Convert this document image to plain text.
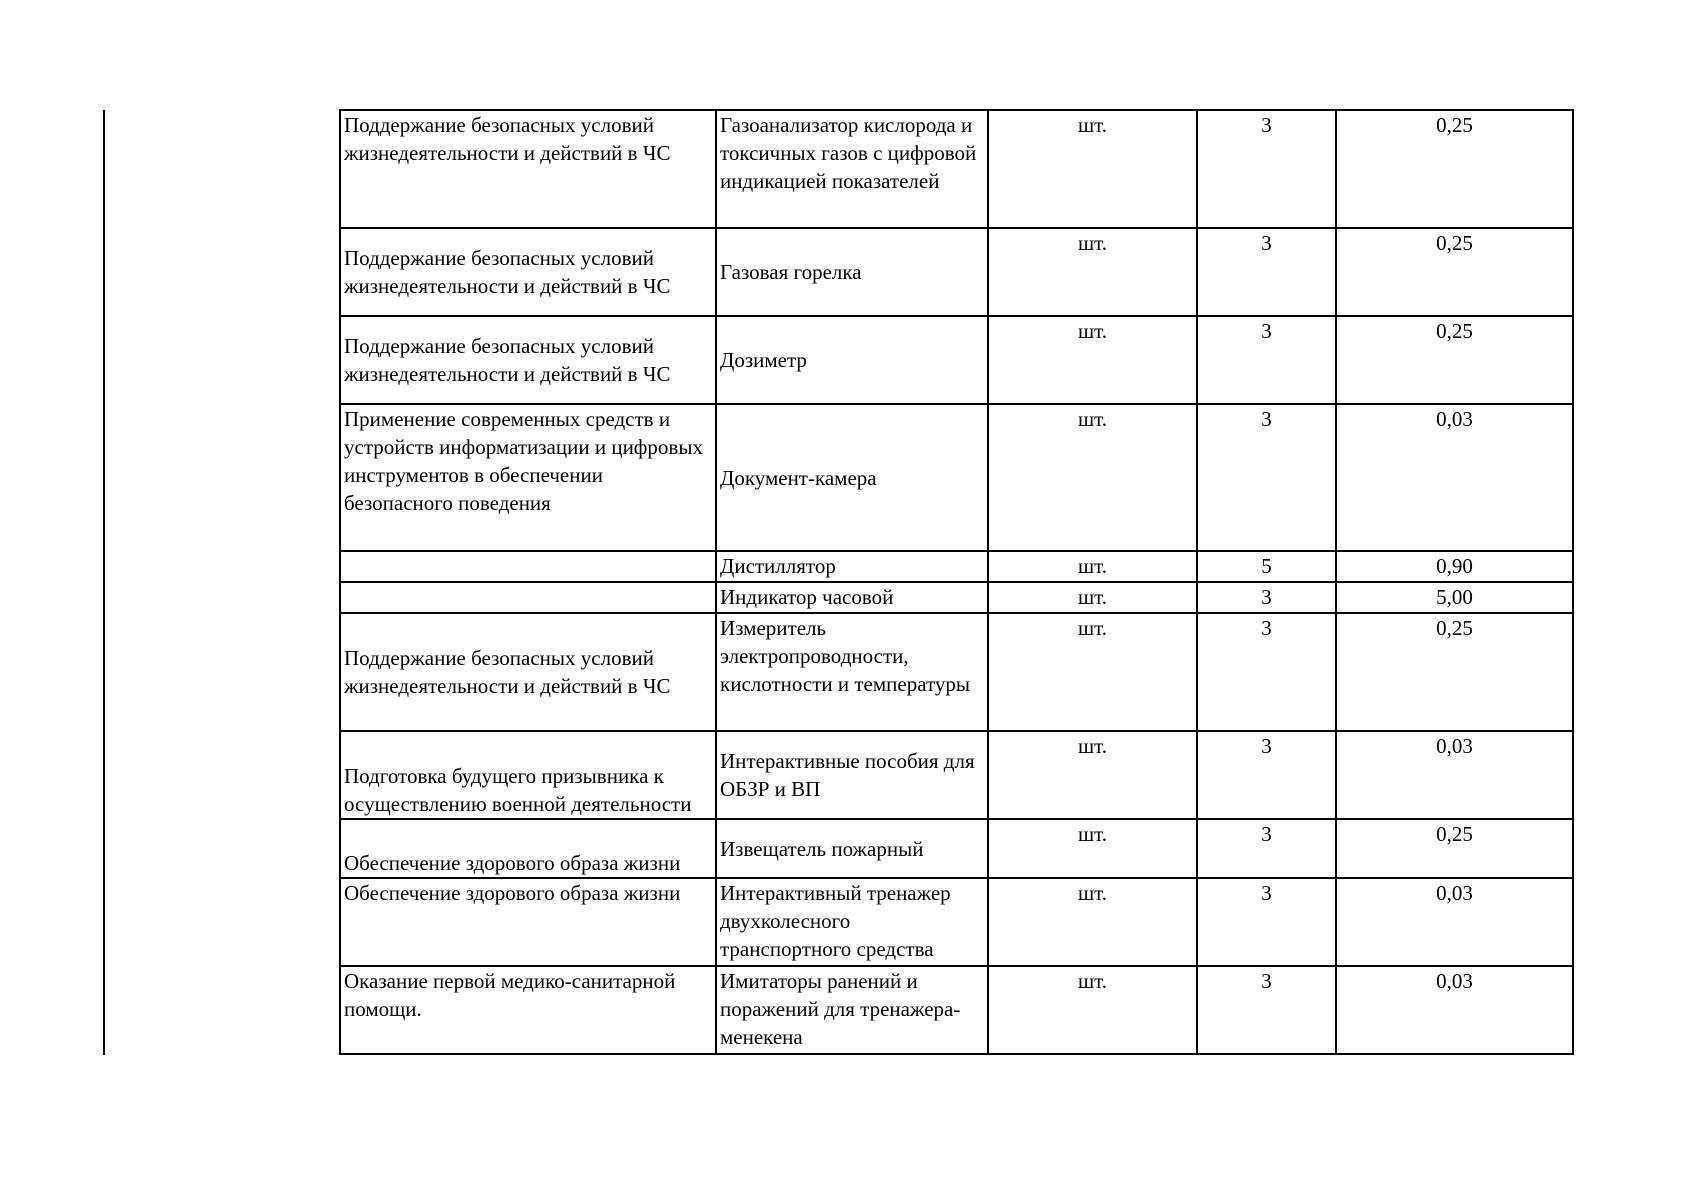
Поддержание безопасных условий жизнедеятельности и действий в ЧС	Газоанализатор кислорода и токсичных газов с цифровой индикацией показателей	шт.	3	0,25
Поддержание безопасных условий жизнедеятельности и действий в ЧС	Газовая горелка	шт.	3	0,25
Поддержание безопасных условий жизнедеятельности и действий в ЧС	Дозиметр	шт.	3	0,25
Применение современных средств и устройств информатизации и цифровых инструментов в обеспечении безопасного поведения	Документ-камера	шт.	3	0,03
	Дистиллятор	шт.	5	0,90
	Индикатор часовой	шт.	3	5,00
Поддержание безопасных условий жизнедеятельности и действий в ЧС	Измеритель электропроводности, кислотности и температуры	шт.	3	0,25
Подготовка будущего призывника к осуществлению военной деятельности	Интерактивные пособия для ОБЗР и ВП	шт.	3	0,03
Обеспечение здорового образа жизни	Извещатель пожарный	шт.	3	0,25
Обеспечение здорового образа жизни	Интерактивный тренажер двухколесного транспортного средства	шт.	3	0,03
Оказание первой медико-санитарной помощи.	Имитаторы ранений и поражений для тренажера-менекена	шт.	3	0,03
